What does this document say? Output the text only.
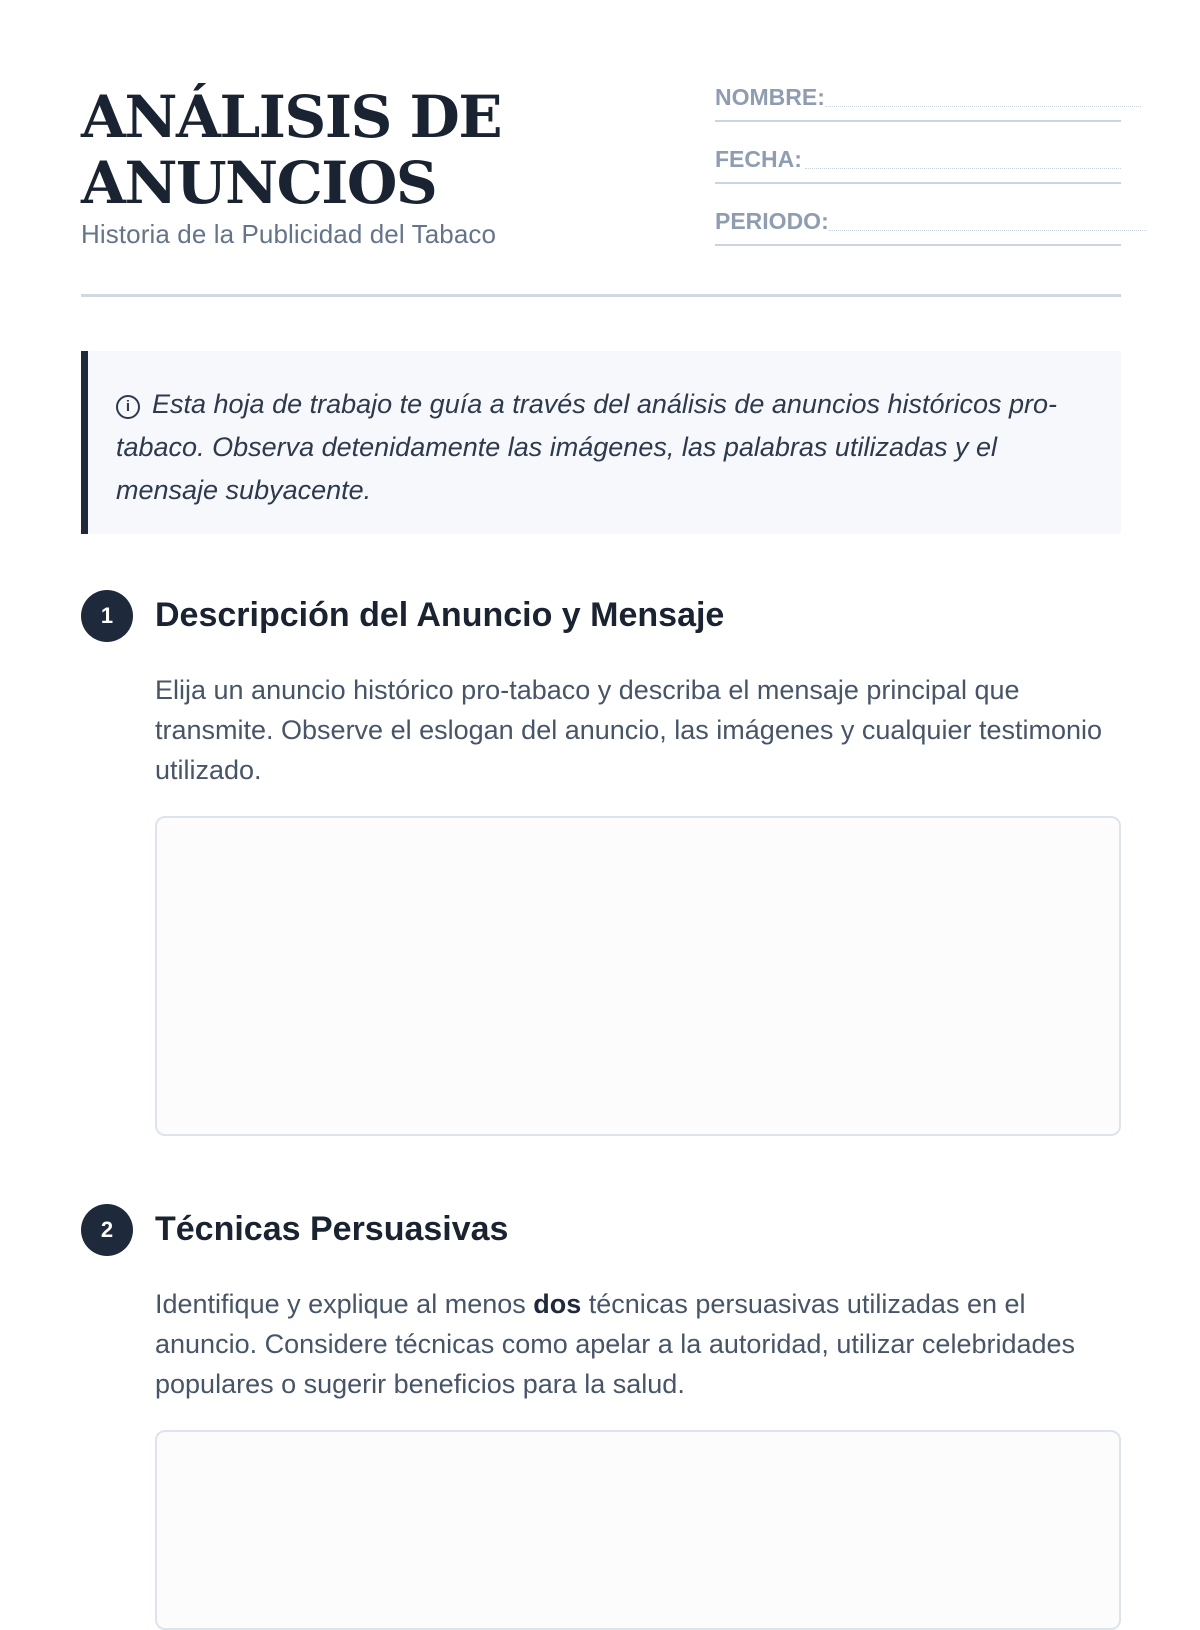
ANÁLISIS DE ANUNCIOS
Historia de la Publicidad del Tabaco
NOMBRE:
FECHA:
PERIODO:
i Esta hoja de trabajo te guía a través del análisis de anuncios históricos pro-tabaco. Observa detenidamente las imágenes, las palabras utilizadas y el mensaje subyacente.
1	Descripción del Anuncio y Mensaje
Elija un anuncio histórico pro-tabaco y describa el mensaje principal que transmite. Observe el eslogan del anuncio, las imágenes y cualquier testimonio utilizado.
2	Técnicas Persuasivas
Identifique y explique al menos dos técnicas persuasivas utilizadas en el anuncio. Considere técnicas como apelar a la autoridad, utilizar celebridades populares o sugerir beneficios para la salud.
